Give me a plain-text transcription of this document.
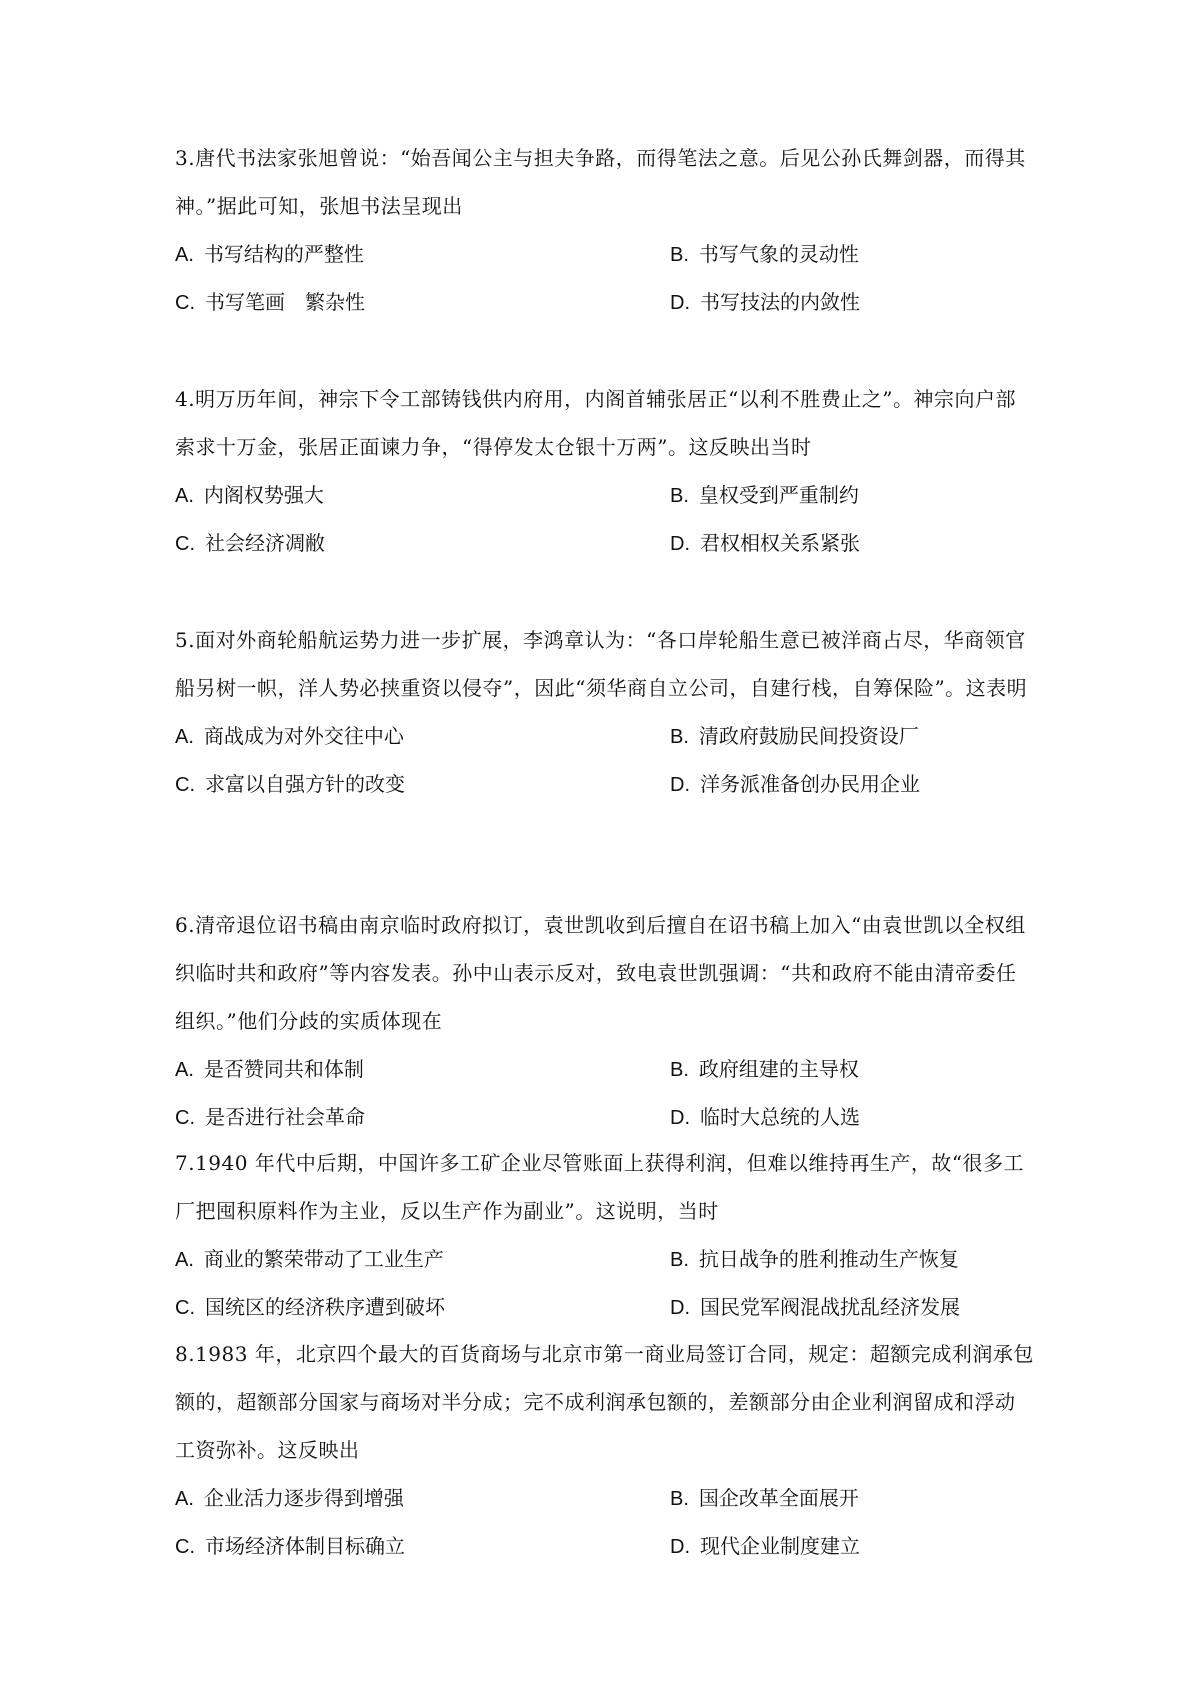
3.唐代书法家张旭曾说：“始吾闻公主与担夫争路，而得笔法之意。后见公孙氏舞剑器，而得其神。”据此可知，张旭书法呈现出

A. 书写结构的严整性	B. 书写气象的灵动性
C. 书写笔画　繁杂性	D. 书写技法的内敛性

4.明万历年间，神宗下令工部铸钱供内府用，内阁首辅张居正“以利不胜费止之”。神宗向户部索求十万金，张居正面谏力争，“得停发太仓银十万两”。这反映出当时

A. 内阁权势强大	B. 皇权受到严重制约
C. 社会经济凋敝	D. 君权相权关系紧张

5.面对外商轮船航运势力进一步扩展，李鸿章认为：“各口岸轮船生意已被洋商占尽，华商领官船另树一帜，洋人势必挟重资以侵夺”，因此“须华商自立公司，自建行栈，自筹保险”。这表明

A. 商战成为对外交往中心	B. 清政府鼓励民间投资设厂
C. 求富以自强方针的改变	D. 洋务派准备创办民用企业

6.清帝退位诏书稿由南京临时政府拟订，袁世凯收到后擅自在诏书稿上加入“由袁世凯以全权组织临时共和政府”等内容发表。孙中山表示反对，致电袁世凯强调：“共和政府不能由清帝委任组织。”他们分歧的实质体现在

A. 是否赞同共和体制	B. 政府组建的主导权
C. 是否进行社会革命	D. 临时大总统的人选

7.1940 年代中后期，中国许多工矿企业尽管账面上获得利润，但难以维持再生产，故“很多工厂把囤积原料作为主业，反以生产作为副业”。这说明，当时

A. 商业的繁荣带动了工业生产	B. 抗日战争的胜利推动生产恢复
C. 国统区的经济秩序遭到破坏	D. 国民党军阀混战扰乱经济发展

8.1983 年，北京四个最大的百货商场与北京市第一商业局签订合同，规定：超额完成利润承包额的，超额部分国家与商场对半分成；完不成利润承包额的，差额部分由企业利润留成和浮动工资弥补。这反映出

A. 企业活力逐步得到增强	B. 国企改革全面展开
C. 市场经济体制目标确立	D. 现代企业制度建立
